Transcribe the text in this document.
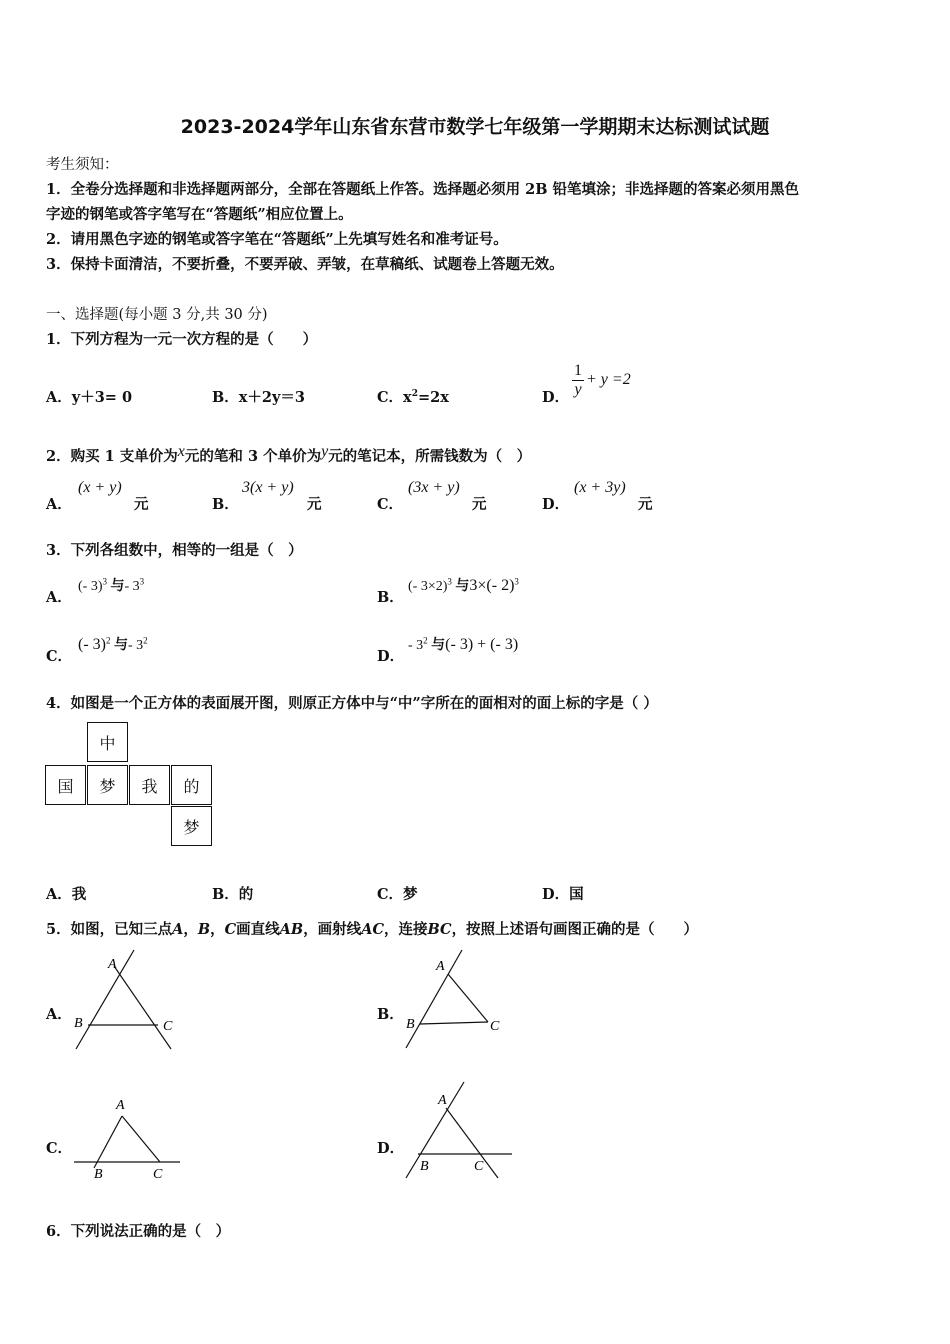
2023-2024学年山东省东营市数学七年级第一学期期末达标测试试题
考生须知：
1．全卷分选择题和非选择题两部分，全部在答题纸上作答。选择题必须用 2B 铅笔填涂；非选择题的答案必须用黑色
字迹的钢笔或答字笔写在“答题纸”相应位置上。
2．请用黑色字迹的钢笔或答字笔在“答题纸”上先填写姓名和准考证号。
3．保持卡面清洁，不要折叠，不要弄破、弄皱，在草稿纸、试题卷上答题无效。
一、选择题(每小题 3 分,共 30 分)
1．下列方程为一元一次方程的是（　　）
A．y＋3= 0	B．x＋2y＝3	C．$x^2=2x$	D． $\frac{1}{y} + y =2$
2．购买 1 支单价为x元的笔和 3 个单价为y元的笔记本，所需钱数为（　）
A．
(x + y)
元	B．
3(x + y)
元	C．
(3x + y)
元	D．
(x + 3y)
元
3．下列各组数中，相等的一组是（　）
A．
(- 3)$^3$ 与- $3^3$
B．
(- 3×2)$^3$ 与3×(- 2)$^3$
C．
(- 3)$^2$ 与- $3^2$
D．
- $3^2$ 与(- 3) + (- 3)
4．如图是一个正方体的表面展开图，则原正方体中与“中”字所在的面相对的面上标的字是（ ）
中
国	梦	我	的
梦
A．我	B．的	C．梦	D．国
5．如图，已知三点A，B，C画直线AB，画射线AC，连接BC，按照上述语句画图正确的是（　　）
A．
A
B	C
B．
A
B	C
C．
A
B	C
D．
A
B	C
6．下列说法正确的是（　）
